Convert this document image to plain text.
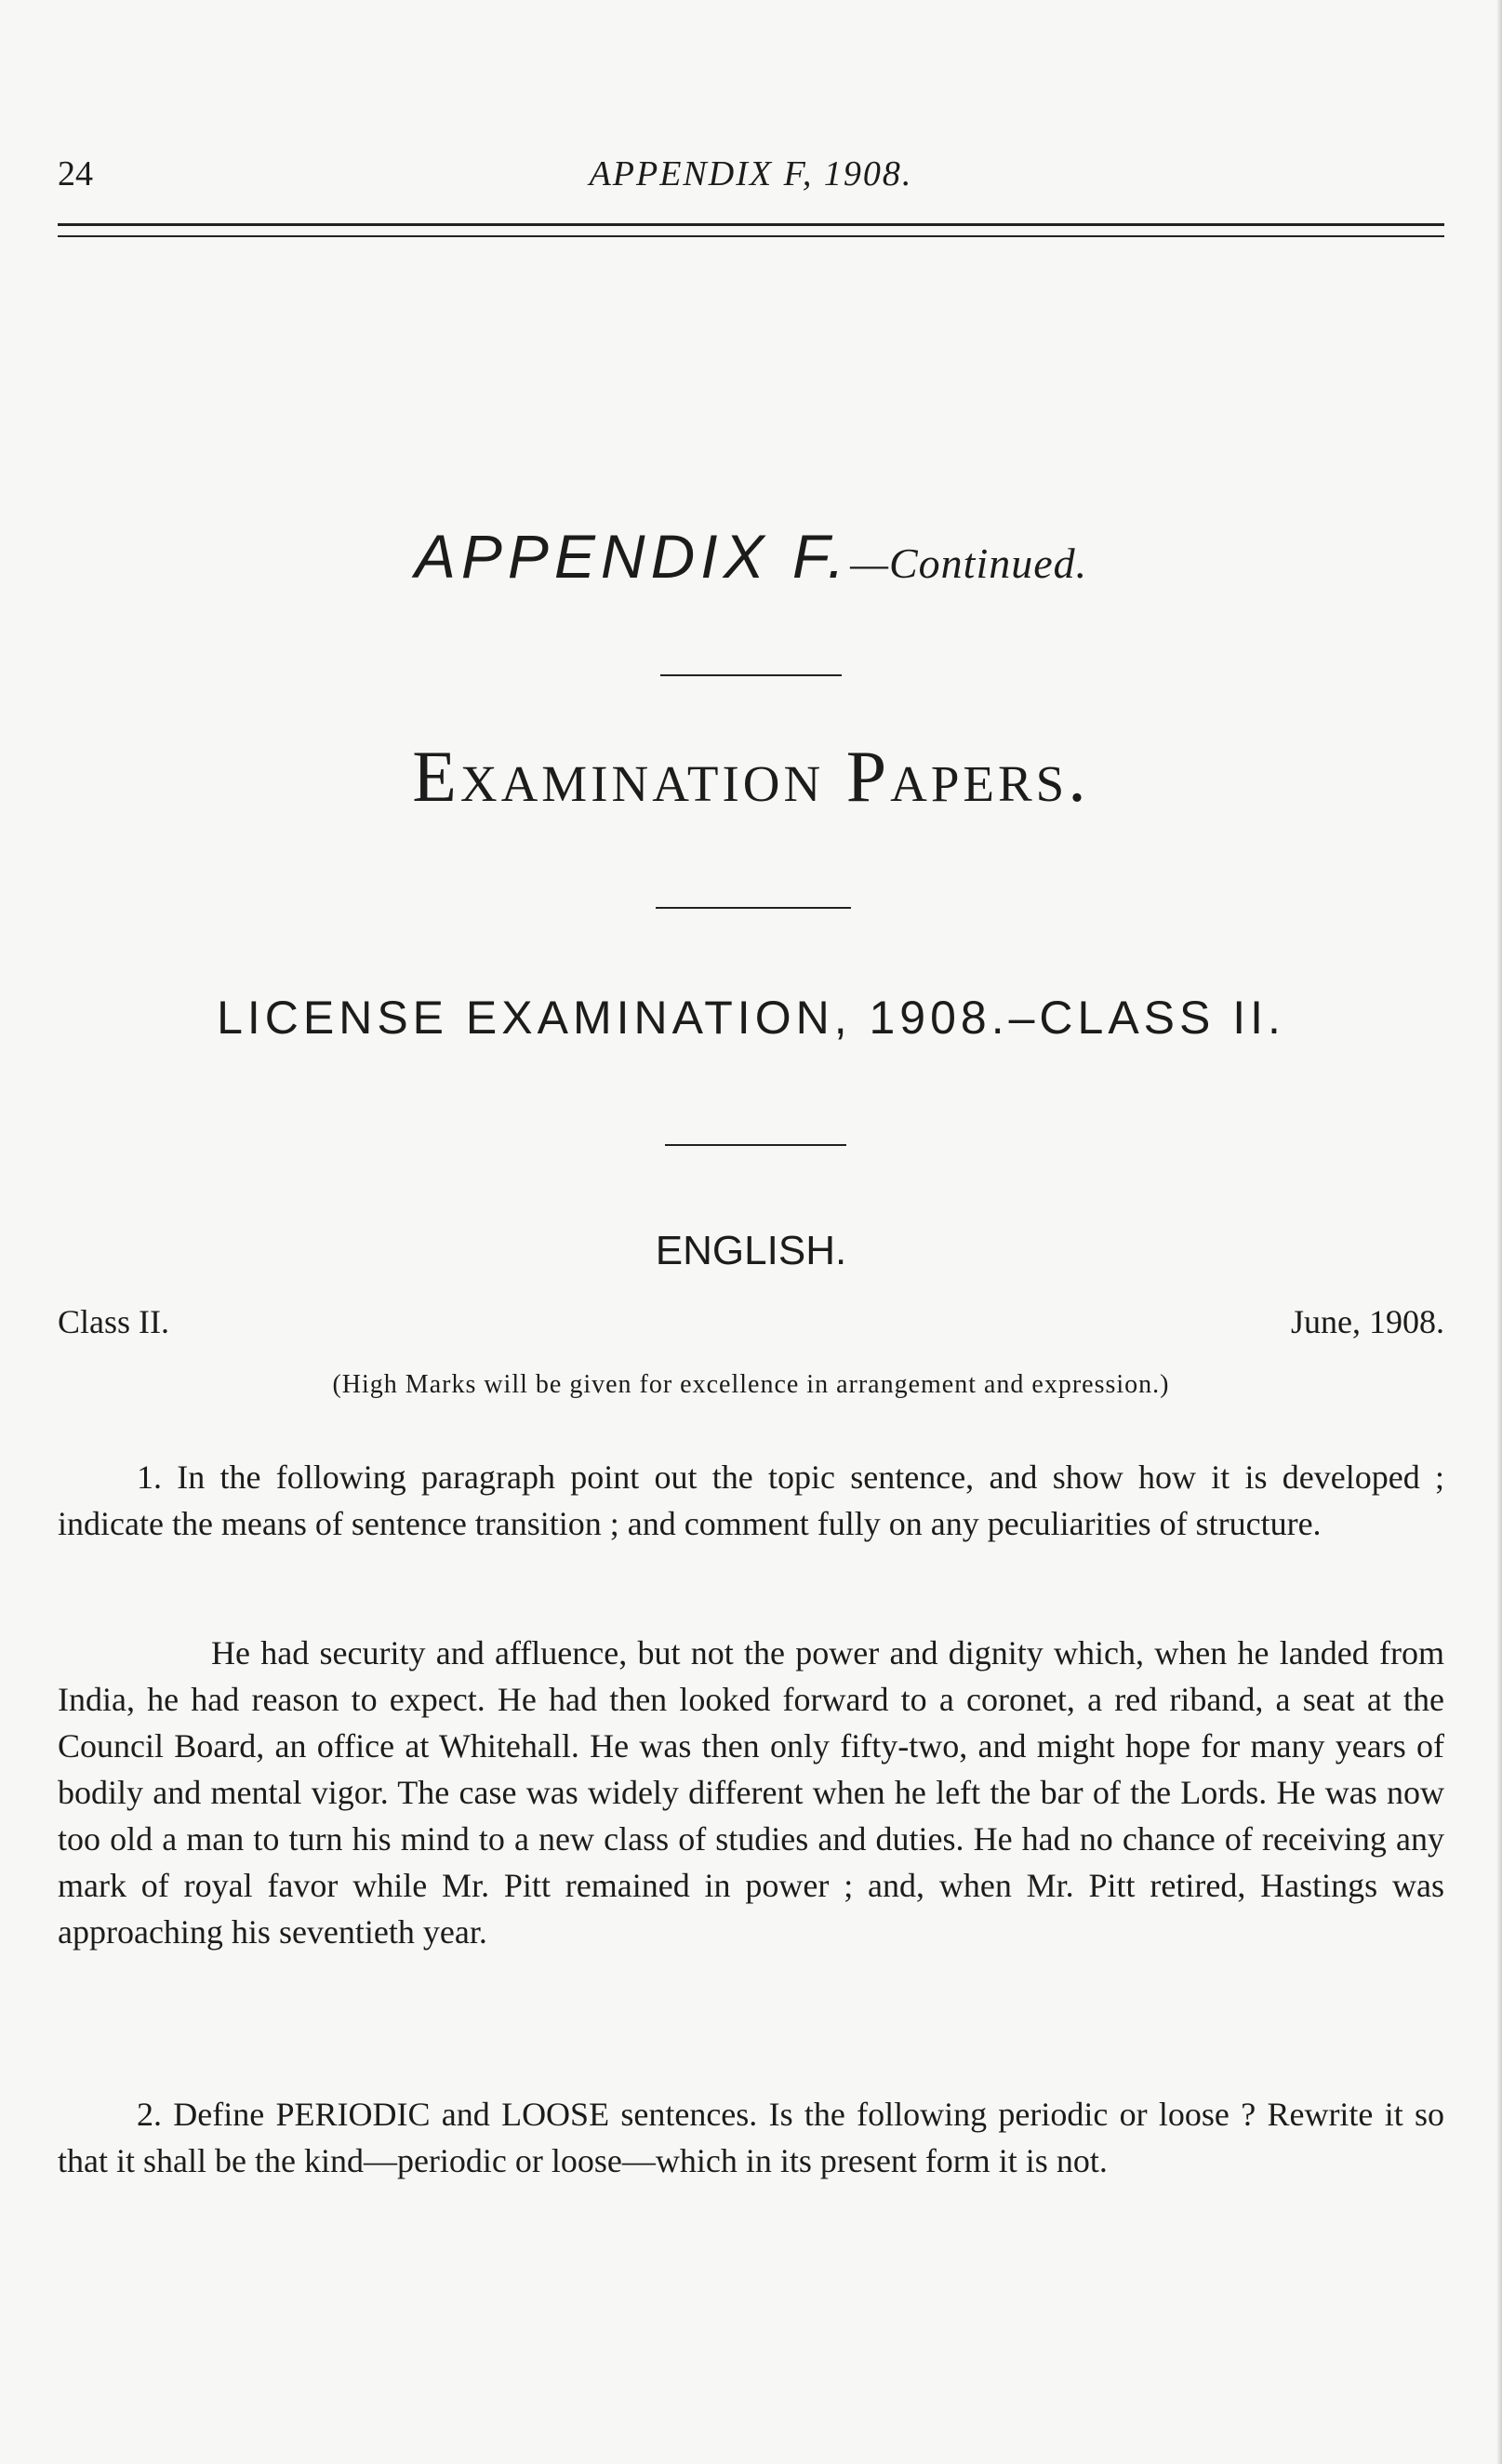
24	APPENDIX F, 1908.
APPENDIX F.—Continued.
Examination Papers.
LICENSE EXAMINATION, 1908.–CLASS II.
ENGLISH.
Class II.	June, 1908.
(High Marks will be given for excellence in arrangement and expression.)

1. In the following paragraph point out the topic sentence, and show how it is developed ; indicate the means of sentence transition ; and comment fully on any peculiarities of structure.

He had security and affluence, but not the power and dignity which, when he landed from India, he had reason to expect. He had then looked forward to a coronet, a red riband, a seat at the Council Board, an office at Whitehall. He was then only fifty-two, and might hope for many years of bodily and mental vigor. The case was widely different when he left the bar of the Lords. He was now too old a man to turn his mind to a new class of studies and duties. He had no chance of receiving any mark of royal favor while Mr. Pitt remained in power ; and, when Mr. Pitt retired, Hastings was approaching his seventieth year.

2. Define PERIODIC and LOOSE sentences. Is the following periodic or loose ? Rewrite it so that it shall be the kind—periodic or loose—which in its present form it is not.
